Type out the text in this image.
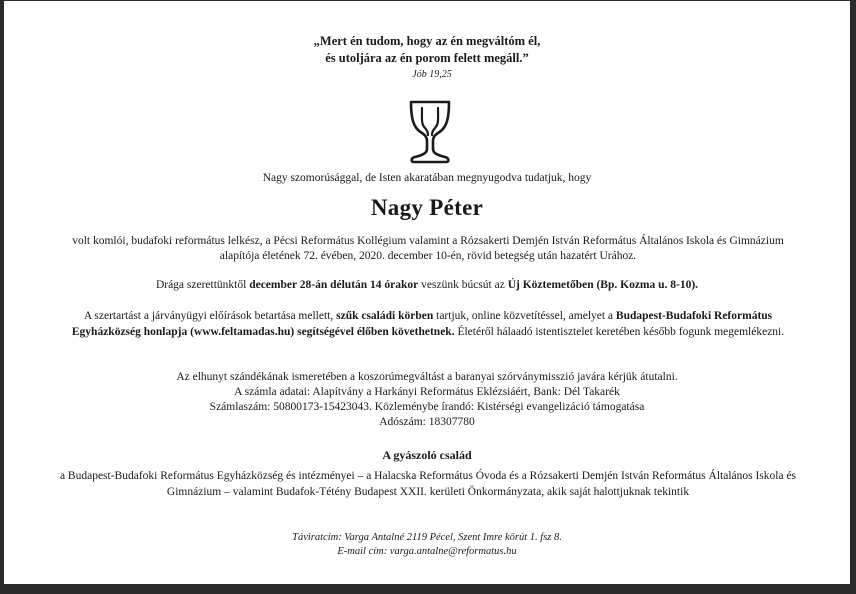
„Mert én tudom, hogy az én megváltóm él,
és utoljára az én porom felett megáll.”
Jób 19,25
Nagy szomorúsággal, de Isten akaratában megnyugodva tudatjuk, hogy
Nagy Péter
volt komlói, budafoki református lelkész, a Pécsi Református Kollégium valamint a Rózsakerti Demjén István Református Általános Iskola és Gimnázium alapítója életének 72. évében, 2020. december 10-én, rövid betegség után hazatért Urához.
Drága szerettünktől december 28-án délután 14 órakor veszünk búcsút az Új Köztemetőben (Bp. Kozma u. 8-10).
A szertartást a járványügyi előírások betartása mellett, szűk családi körben tartjuk, online közvetítéssel, amelyet a Budapest-Budafoki Református Egyházközség honlapja (www.feltamadas.hu) segítségével élőben követhetnek. Életéről hálaadó istentisztelet keretében később fogunk megemlékezni.
Az elhunyt szándékának ismeretében a koszorúmegváltást a baranyai szórványmisszió javára kérjük átutalni.
A számla adatai: Alapítvány a Harkányi Református Eklézsiáért, Bank: Dél Takarék
Számlaszám: 50800173-15423043. Közleménybe írandó: Kistérségi evangelizáció támogatása
Adószám: 18307780
A gyászoló család
a Budapest-Budafoki Református Egyházközség és intézményei – a Halacska Református Óvoda és a Rózsakerti Demjén István Református Általános Iskola és Gimnázium – valamint Budafok-Tétény Budapest XXII. kerületi Önkormányzata, akik saját halottjuknak tekintik
Táviratcím: Varga Antalné 2119 Pécel, Szent Imre körút 1. fsz 8.
E-mail cím: varga.antalne@reformatus.hu
